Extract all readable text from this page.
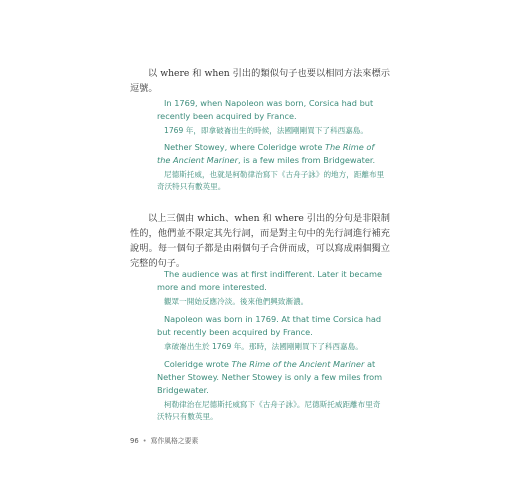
以 where 和 when 引出的類似句子也要以相同方法來標示逗號。
In 1769, when Napoleon was born, Corsica had but recently been acquired by France.
1769 年，即拿破崙出生的時候，法國剛剛買下了科西嘉島。
Nether Stowey, where Coleridge wrote The Rime of the Ancient Mariner, is a few miles from Bridgewater.
尼德斯托威，也就是柯勒律治寫下《古舟子詠》的地方，距離布里奇沃特只有數英里。
以上三個由 which、when 和 where 引出的分句是非限制性的，他們並不限定其先行詞，而是對主句中的先行詞進行補充說明。每一個句子都是由兩個句子合併而成，可以寫成兩個獨立完整的句子。
The audience was at first indifferent. Later it became more and more interested.
觀眾一開始反應冷淡。後來他們興致漸濃。
Napoleon was born in 1769. At that time Corsica had but recently been acquired by France.
拿破崙出生於 1769 年。那時，法國剛剛買下了科西嘉島。
Coleridge wrote The Rime of the Ancient Mariner at Nether Stowey. Nether Stowey is only a few miles from Bridgewater.
柯勒律治在尼德斯托威寫下《古舟子詠》。尼德斯托威距離布里奇沃特只有數英里。
96 • 寫作風格之要素
